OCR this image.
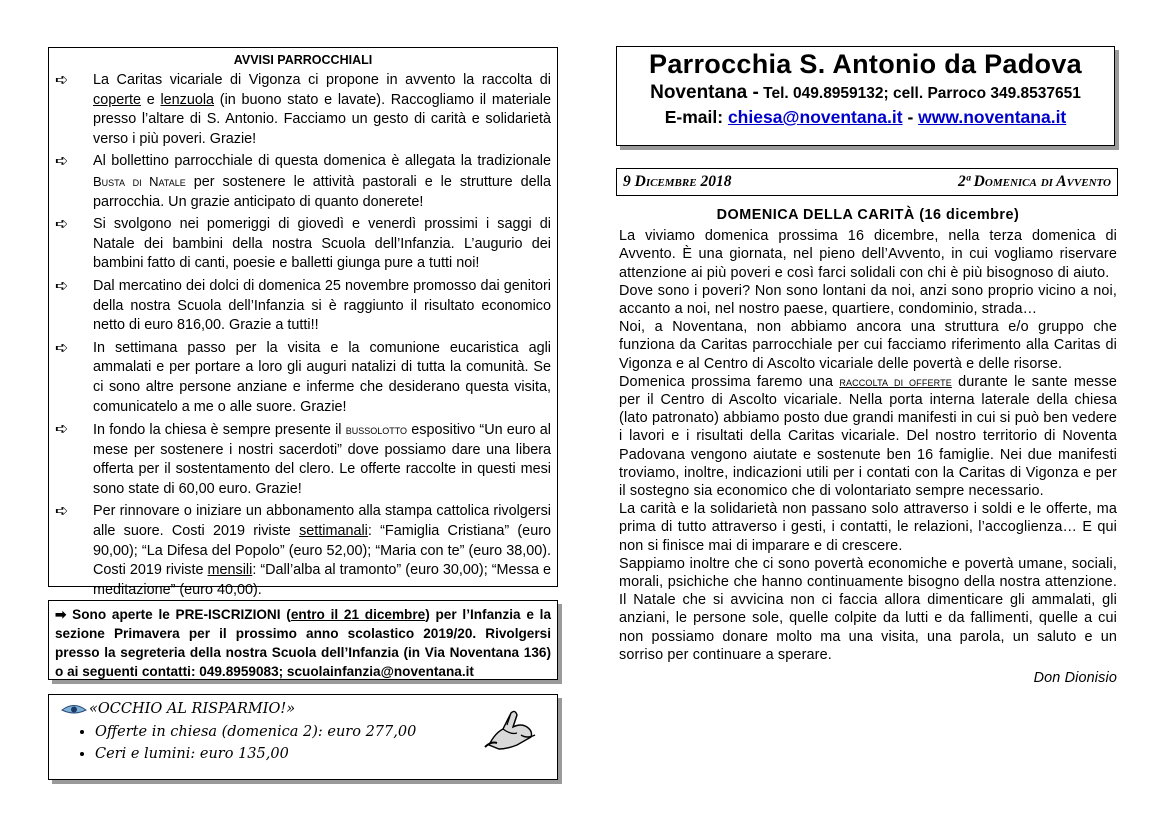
AVVISI PARROCCHIALI
➪ La Caritas vicariale di Vigonza ci propone in avvento la raccolta di coperte e lenzuola (in buono stato e lavate). Raccogliamo il materiale presso l’altare di S. Antonio. Facciamo un gesto di carità e solidarietà verso i più poveri. Grazie!
➪ Al bollettino parrocchiale di questa domenica è allegata la tradizionale Busta di Natale per sostenere le attività pastorali e le strutture della parrocchia. Un grazie anticipato di quanto donerete!
➪ Si svolgono nei pomeriggi di giovedì e venerdì prossimi i saggi di Natale dei bambini della nostra Scuola dell’Infanzia. L’augurio dei bambini fatto di canti, poesie e balletti giunga pure a tutti noi!
➪ Dal mercatino dei dolci di domenica 25 novembre promosso dai genitori della nostra Scuola dell’Infanzia si è raggiunto il risultato economico netto di euro 816,00. Grazie a tutti!!
➪ In settimana passo per la visita e la comunione eucaristica agli ammalati e per portare a loro gli auguri natalizi di tutta la comunità. Se ci sono altre persone anziane e inferme che desiderano questa visita, comunicatelo a me o alle suore. Grazie!
➪ In fondo la chiesa è sempre presente il bussolotto espositivo “Un euro al mese per sostenere i nostri sacerdoti” dove possiamo dare una libera offerta per il sostentamento del clero. Le offerte raccolte in questi mesi sono state di 60,00 euro. Grazie!
➪ Per rinnovare o iniziare un abbonamento alla stampa cattolica rivolgersi alle suore. Costi 2019 riviste settimanali: “Famiglia Cristiana” (euro 90,00); “La Difesa del Popolo” (euro 52,00); “Maria con te” (euro 38,00). Costi 2019 riviste mensili: “Dall’alba al tramonto” (euro 30,00); “Messa e meditazione” (euro 40,00).
➡ Sono aperte le PRE-ISCRIZIONI (entro il 21 dicembre) per l’Infanzia e la sezione Primavera per il prossimo anno scolastico 2019/20. Rivolgersi presso la segreteria della nostra Scuola dell’Infanzia (in Via Noventana 136) o ai seguenti contatti: 049.8959083; scuolainfanzia@noventana.it
«OCCHIO AL RISPARMIO!»
• Offerte in chiesa (domenica 2): euro 277,00
• Ceri e lumini: euro 135,00
Parrocchia S. Antonio da Padova
Noventana - Tel. 049.8959132; cell. Parroco 349.8537651
E-mail: chiesa@noventana.it - www.noventana.it
9 Dicembre 2018	2ª Domenica di Avvento
DOMENICA DELLA CARITÀ (16 dicembre)

La viviamo domenica prossima 16 dicembre, nella terza domenica di Avvento. È una giornata, nel pieno dell’Avvento, in cui vogliamo riservare attenzione ai più poveri e così farci solidali con chi è più bisognoso di aiuto.

Dove sono i poveri? Non sono lontani da noi, anzi sono proprio vicino a noi, accanto a noi, nel nostro paese, quartiere, condominio, strada…

Noi, a Noventana, non abbiamo ancora una struttura e/o gruppo che funziona da Caritas parrocchiale per cui facciamo riferimento alla Caritas di Vigonza e al Centro di Ascolto vicariale delle povertà e delle risorse.

Domenica prossima faremo una raccolta di offerte durante le sante messe per il Centro di Ascolto vicariale. Nella porta interna laterale della chiesa (lato patronato) abbiamo posto due grandi manifesti in cui si può ben vedere i lavori e i risultati della Caritas vicariale. Del nostro territorio di Noventa Padovana vengono aiutate e sostenute ben 16 famiglie. Nei due manifesti troviamo, inoltre, indicazioni utili per i contati con la Caritas di Vigonza e per il sostegno sia economico che di volontariato sempre necessario.

La carità e la solidarietà non passano solo attraverso i soldi e le offerte, ma prima di tutto attraverso i gesti, i contatti, le relazioni, l’accoglienza… E qui non si finisce mai di imparare e di crescere.

Sappiamo inoltre che ci sono povertà economiche e povertà umane, sociali, morali, psichiche che hanno continuamente bisogno della nostra attenzione. Il Natale che si avvicina non ci faccia allora dimenticare gli ammalati, gli anziani, le persone sole, quelle colpite da lutti e da fallimenti, quelle a cui non possiamo donare molto ma una visita, una parola, un saluto e un sorriso per continuare a sperare.

Don Dionisio
